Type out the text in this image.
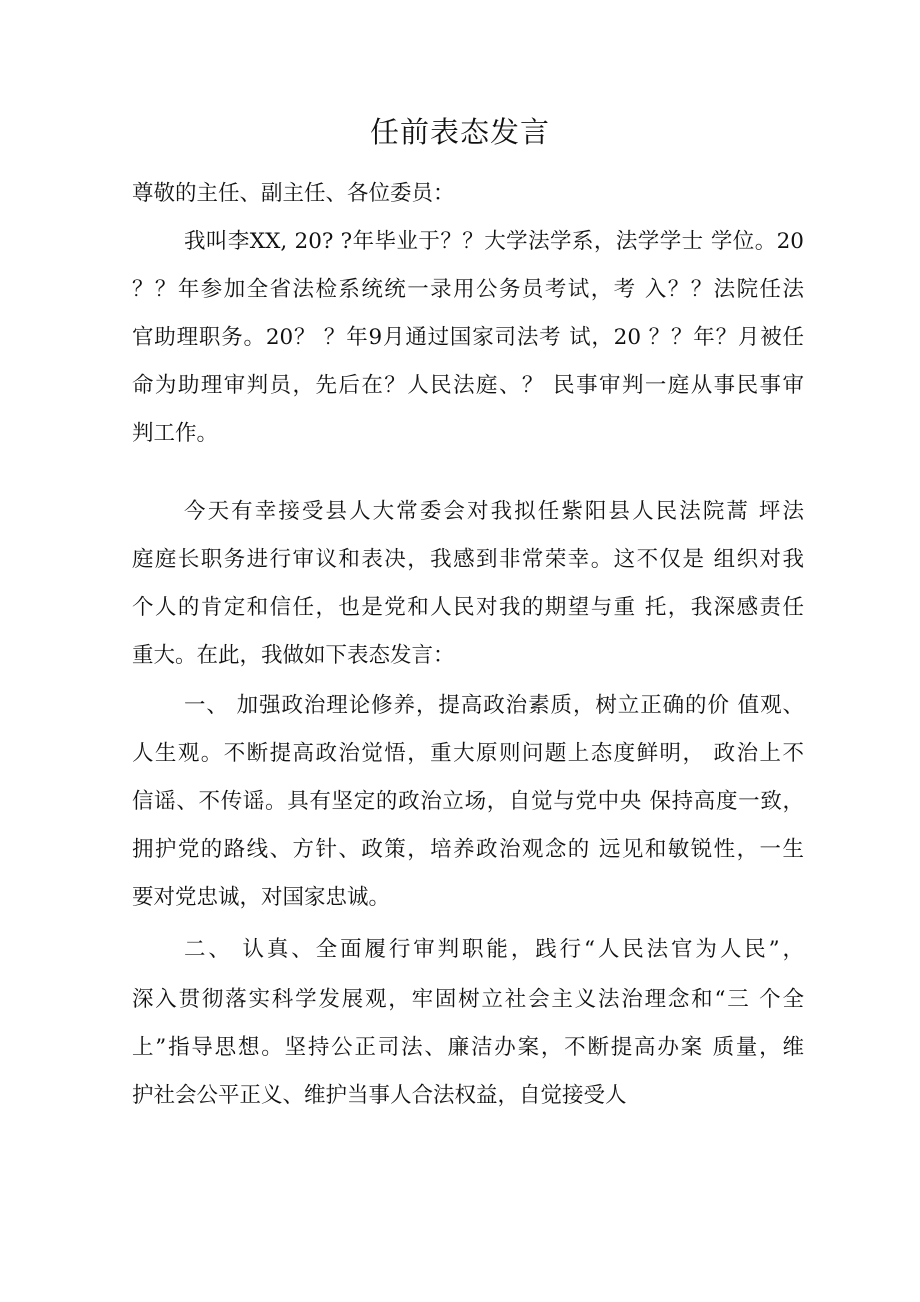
任前表态发言

尊敬的主任、副主任、各位委员：

我叫李XX, 20? ?年毕业于？？大学法学系，法学学士 学位。20

？？年参加全省法检系统统一录用公务员考试，考 入？？法院任法

官助理职务。20？ ？年9月通过国家司法考 试，20 ？？年？月被任

命为助理审判员，先后在？人民法庭、？ 民事审判一庭从事民事审

判工作。

今天有幸接受县人大常委会对我拟任紫阳县人民法院蒿 坪法

庭庭长职务进行审议和表决，我感到非常荣幸。这不仅是 组织对我

个人的肯定和信任，也是党和人民对我的期望与重 托，我深感责任

重大。在此，我做如下表态发言：

一、 加强政治理论修养，提高政治素质，树立正确的价 值观、

人生观。不断提高政治觉悟，重大原则问题上态度鲜明， 政治上不

信谣、不传谣。具有坚定的政治立场，自觉与党中央 保持高度一致，

拥护党的路线、方针、政策，培养政治观念的 远见和敏锐性，一生

要对党忠诚，对国家忠诚。

二、 认真、全面履行审判职能，践行“人民法官为人民”，

深入贯彻落实科学发展观，牢固树立社会主义法治理念和“三 个全

上”指导思想。坚持公正司法、廉洁办案，不断提高办案 质量，维

护社会公平正义、维护当事人合法权益，自觉接受人
